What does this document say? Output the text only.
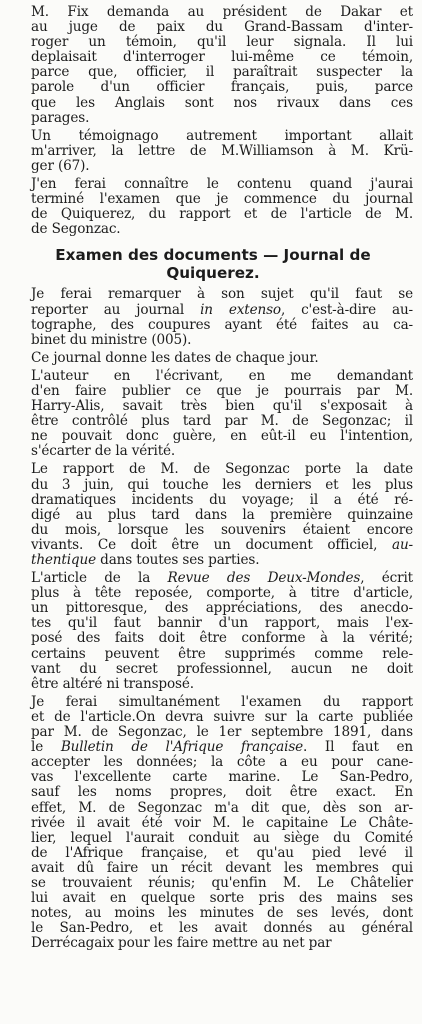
M. Fix demanda au président de Dakar et
au juge de paix du Grand-Bassam d'inter-
roger un témoin, qu'il leur signala. Il lui
deplaisait d'interroger lui-même ce témoin,
parce que, officier, il paraîtrait suspecter la
parole d'un officier français, puis, parce
que les Anglais sont nos rivaux dans ces
parages.

Un témoignago autrement important allait
m'arriver, la lettre de M.Williamson à M. Krü-
ger (67).

J'en ferai connaître le contenu quand j'aurai
terminé l'examen que je commence du journal
de Quiquerez, du rapport et de l'article de M.
de Segonzac.

Examen des documents — Journal de
Quiquerez.

Je ferai remarquer à son sujet qu'il faut se
reporter au journal in extenso, c'est-à-dire au-
tographe, des coupures ayant été faites au ca-
binet du ministre (005).

Ce journal donne les dates de chaque jour.

L'auteur en l'écrivant, en me demandant
d'en faire publier ce que je pourrais par M.
Harry-Alis, savait très bien qu'il s'exposait à
être contrôlé plus tard par M. de Segonzac; il
ne pouvait donc guère, en eût-il eu l'intention,
s'écarter de la vérité.

Le rapport de M. de Segonzac porte la date
du 3 juin, qui touche les derniers et les plus
dramatiques incidents du voyage; il a été ré-
digé au plus tard dans la première quinzaine
du mois, lorsque les souvenirs étaient encore
vivants. Ce doit être un document officiel, au-
thentique dans toutes ses parties.

L'article de la Revue des Deux-Mondes, écrit
plus à tête reposée, comporte, à titre d'article,
un pittoresque, des appréciations, des anecdo-
tes qu'il faut bannir d'un rapport, mais l'ex-
posé des faits doit être conforme à la vérité;
certains peuvent être supprimés comme rele-
vant du secret professionnel, aucun ne doit
être altéré ni transposé.

Je ferai simultanément l'examen du rapport
et de l'article.On devra suivre sur la carte publiée
par M. de Segonzac, le 1er septembre 1891, dans
le Bulletin de l'Afrique française. Il faut en
accepter les données; la côte a eu pour cane-
vas l'excellente carte marine. Le San-Pedro,
sauf les noms propres, doit être exact. En
effet, M. de Segonzac m'a dit que, dès son ar-
rivée il avait été voir M. le capitaine Le Châte-
lier, lequel l'aurait conduit au siège du Comité
de l'Afrique française, et qu'au pied levé il
avait dû faire un récit devant les membres qui
se trouvaient réunis; qu'enfin M. Le Châtelier
lui avait en quelque sorte pris des mains ses
notes, au moins les minutes de ses levés, dont
le San-Pedro, et les avait donnés au général
Derrécagaix pour les faire mettre au net par
